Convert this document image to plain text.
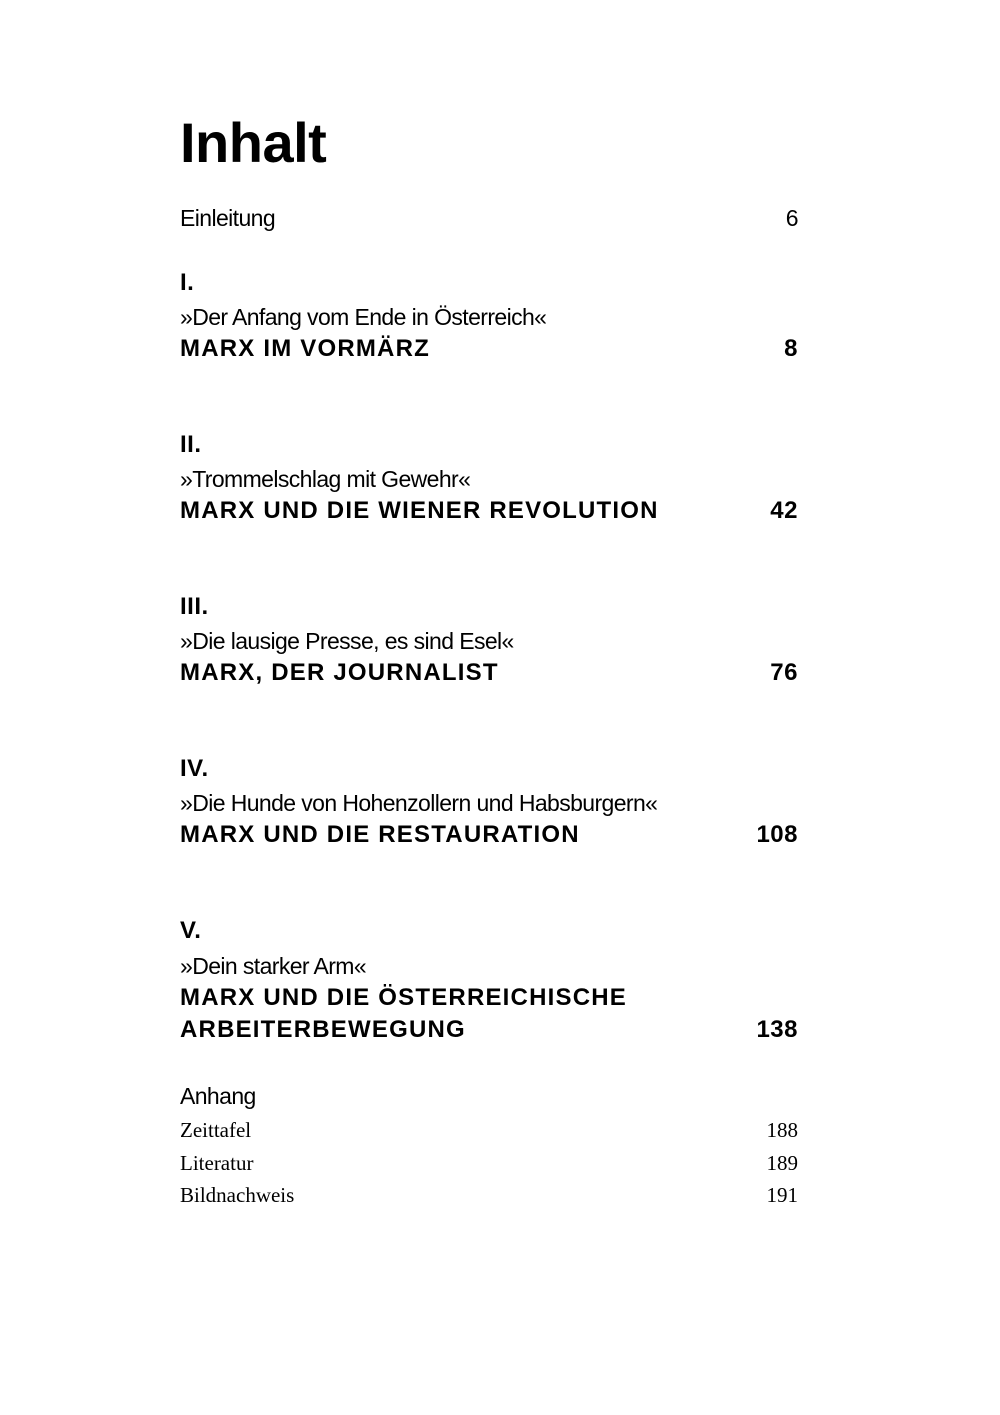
Inhalt
Einleitung	6
I.
»Der Anfang vom Ende in Österreich«
MARX IM VORMÄRZ	8
II.
»Trommelschlag mit Gewehr«
MARX UND DIE WIENER REVOLUTION	42
III.
»Die lausige Presse, es sind Esel«
MARX, DER JOURNALIST	76
IV.
»Die Hunde von Hohenzollern und Habsburgern«
MARX UND DIE RESTAURATION	108
V.
»Dein starker Arm«
MARX UND DIE ÖSTERREICHISCHE
ARBEITERBEWEGUNG	138
Anhang
Zeittafel	188
Literatur	189
Bildnachweis	191
